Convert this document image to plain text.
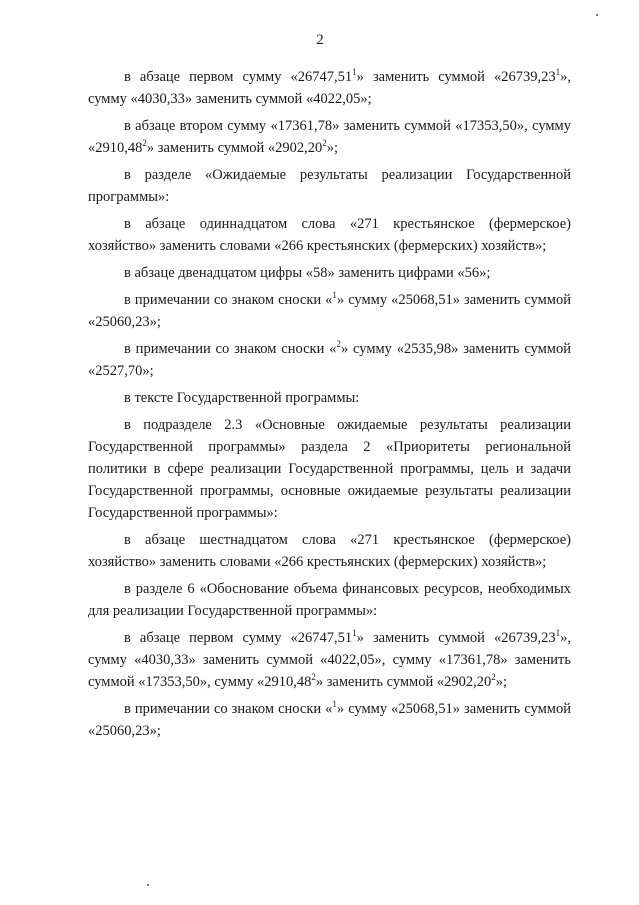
2

в абзаце первом сумму «26747,51$^1$» заменить суммой «26739,23$^1$», сумму «4030,33» заменить суммой «4022,05»;

в абзаце втором сумму «17361,78» заменить суммой «17353,50», сумму «2910,48$^2$» заменить суммой «2902,20$^2$»;

в разделе «Ожидаемые результаты реализации Государственной программы»:

в абзаце одиннадцатом слова «271 крестьянское (фермерское) хозяйство» заменить словами «266 крестьянских (фермерских) хозяйств»;

в абзаце двенадцатом цифры «58» заменить цифрами «56»;

в примечании со знаком сноски «$^1$» сумму «25068,51» заменить суммой «25060,23»;

в примечании со знаком сноски «$^2$» сумму «2535,98» заменить суммой «2527,70»;

в тексте Государственной программы:

в подразделе 2.3 «Основные ожидаемые результаты реализации Государственной программы» раздела 2 «Приоритеты региональной политики в сфере реализации Государственной программы, цель и задачи Государственной программы, основные ожидаемые результаты реализации Государственной программы»:

в абзаце шестнадцатом слова «271 крестьянское (фермерское) хозяйство» заменить словами «266 крестьянских (фермерских) хозяйств»;

в разделе 6 «Обоснование объема финансовых ресурсов, необходимых для реализации Государственной программы»:

в абзаце первом сумму «26747,51$^1$» заменить суммой «26739,23$^1$», сумму «4030,33» заменить суммой «4022,05», сумму «17361,78» заменить суммой «17353,50», сумму «2910,48$^2$» заменить суммой «2902,20$^2$»;

в примечании со знаком сноски «$^1$» сумму «25068,51» заменить суммой «25060,23»;
